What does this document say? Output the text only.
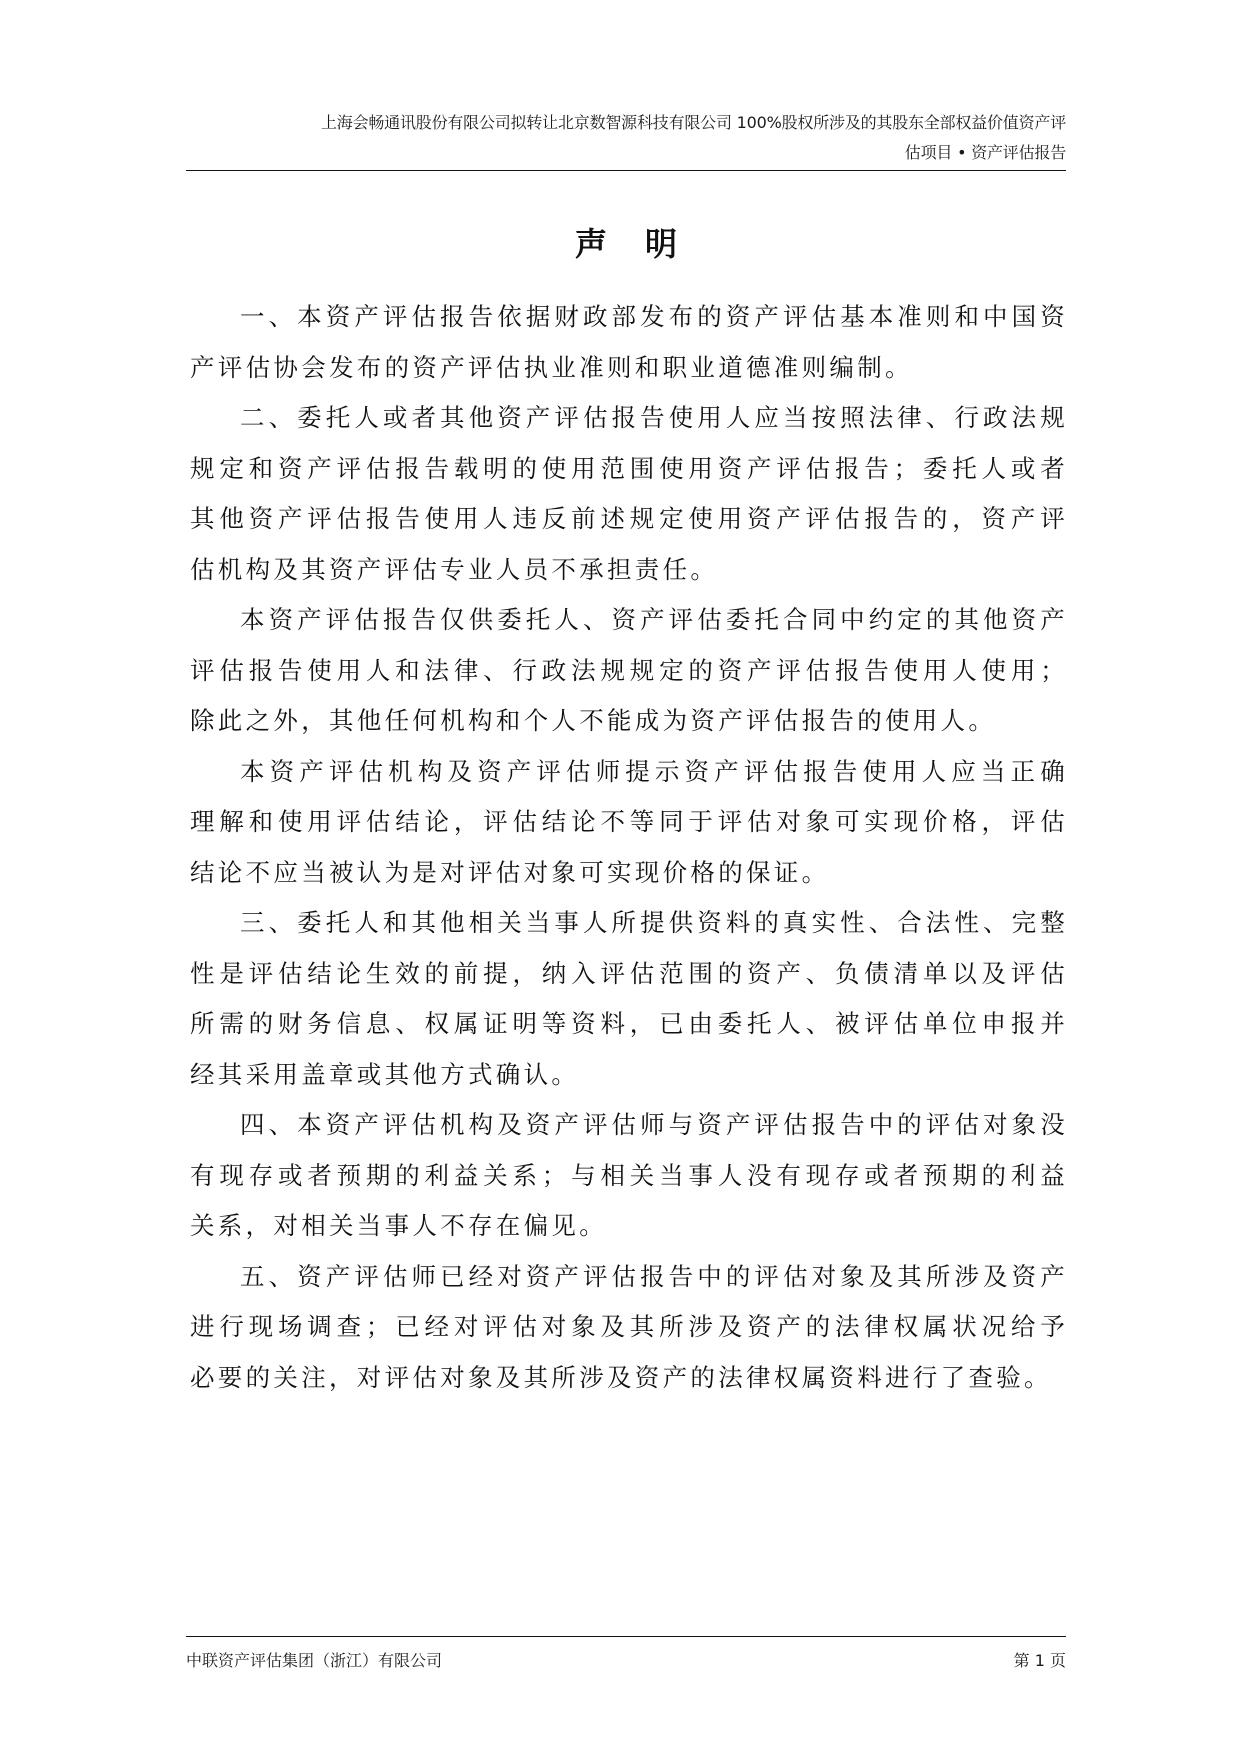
上海会畅通讯股份有限公司拟转让北京数智源科技有限公司 100%股权所涉及的其股东全部权益价值资产评
估项目 • 资产评估报告
声明

一、本资产评估报告依据财政部发布的资产评估基本准则和中国资
产评估协会发布的资产评估执业准则和职业道德准则编制。

二、委托人或者其他资产评估报告使用人应当按照法律、行政法规
规定和资产评估报告载明的使用范围使用资产评估报告；委托人或者
其他资产评估报告使用人违反前述规定使用资产评估报告的，资产评
估机构及其资产评估专业人员不承担责任。

本资产评估报告仅供委托人、资产评估委托合同中约定的其他资产
评估报告使用人和法律、行政法规规定的资产评估报告使用人使用；
除此之外，其他任何机构和个人不能成为资产评估报告的使用人。

本资产评估机构及资产评估师提示资产评估报告使用人应当正确
理解和使用评估结论，评估结论不等同于评估对象可实现价格，评估
结论不应当被认为是对评估对象可实现价格的保证。

三、委托人和其他相关当事人所提供资料的真实性、合法性、完整
性是评估结论生效的前提，纳入评估范围的资产、负债清单以及评估
所需的财务信息、权属证明等资料，已由委托人、被评估单位申报并
经其采用盖章或其他方式确认。

四、本资产评估机构及资产评估师与资产评估报告中的评估对象没
有现存或者预期的利益关系；与相关当事人没有现存或者预期的利益
关系，对相关当事人不存在偏见。

五、资产评估师已经对资产评估报告中的评估对象及其所涉及资产
进行现场调查；已经对评估对象及其所涉及资产的法律权属状况给予
必要的关注，对评估对象及其所涉及资产的法律权属资料进行了查验。

中联资产评估集团（浙江）有限公司	第 1 页
